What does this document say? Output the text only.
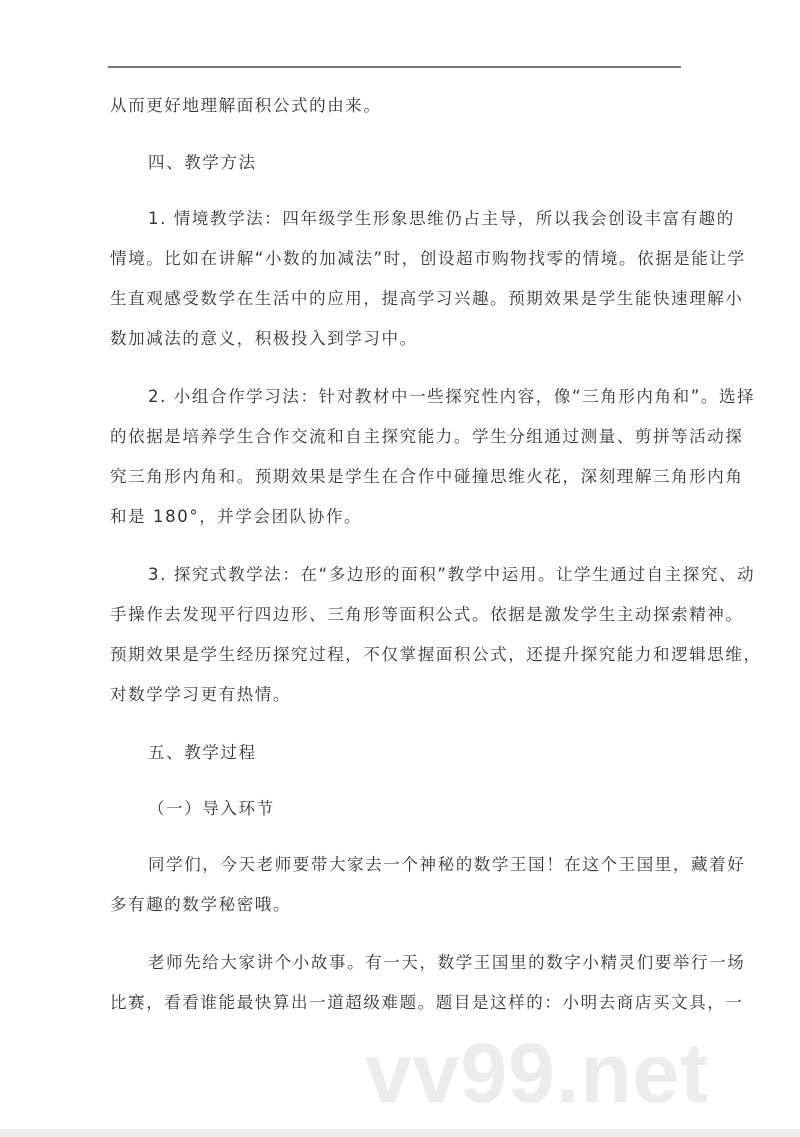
从而更好地理解面积公式的由来。
四、教学方法
1. 情境教学法：四年级学生形象思维仍占主导，所以我会创设丰富有趣的
情境。比如在讲解“小数的加减法”时，创设超市购物找零的情境。依据是能让学
生直观感受数学在生活中的应用，提高学习兴趣。预期效果是学生能快速理解小
数加减法的意义，积极投入到学习中。
2. 小组合作学习法：针对教材中一些探究性内容，像“三角形内角和”。选择
的依据是培养学生合作交流和自主探究能力。学生分组通过测量、剪拼等活动探
究三角形内角和。预期效果是学生在合作中碰撞思维火花，深刻理解三角形内角
和是 180°，并学会团队协作。
3. 探究式教学法：在“多边形的面积”教学中运用。让学生通过自主探究、动
手操作去发现平行四边形、三角形等面积公式。依据是激发学生主动探索精神。
预期效果是学生经历探究过程，不仅掌握面积公式，还提升探究能力和逻辑思维，
对数学学习更有热情。
五、教学过程
（一）导入环节
同学们，今天老师要带大家去一个神秘的数学王国！在这个王国里，藏着好
多有趣的数学秘密哦。
老师先给大家讲个小故事。有一天，数学王国里的数字小精灵们要举行一场
比赛，看看谁能最快算出一道超级难题。题目是这样的：小明去商店买文具，一
vv99.net
